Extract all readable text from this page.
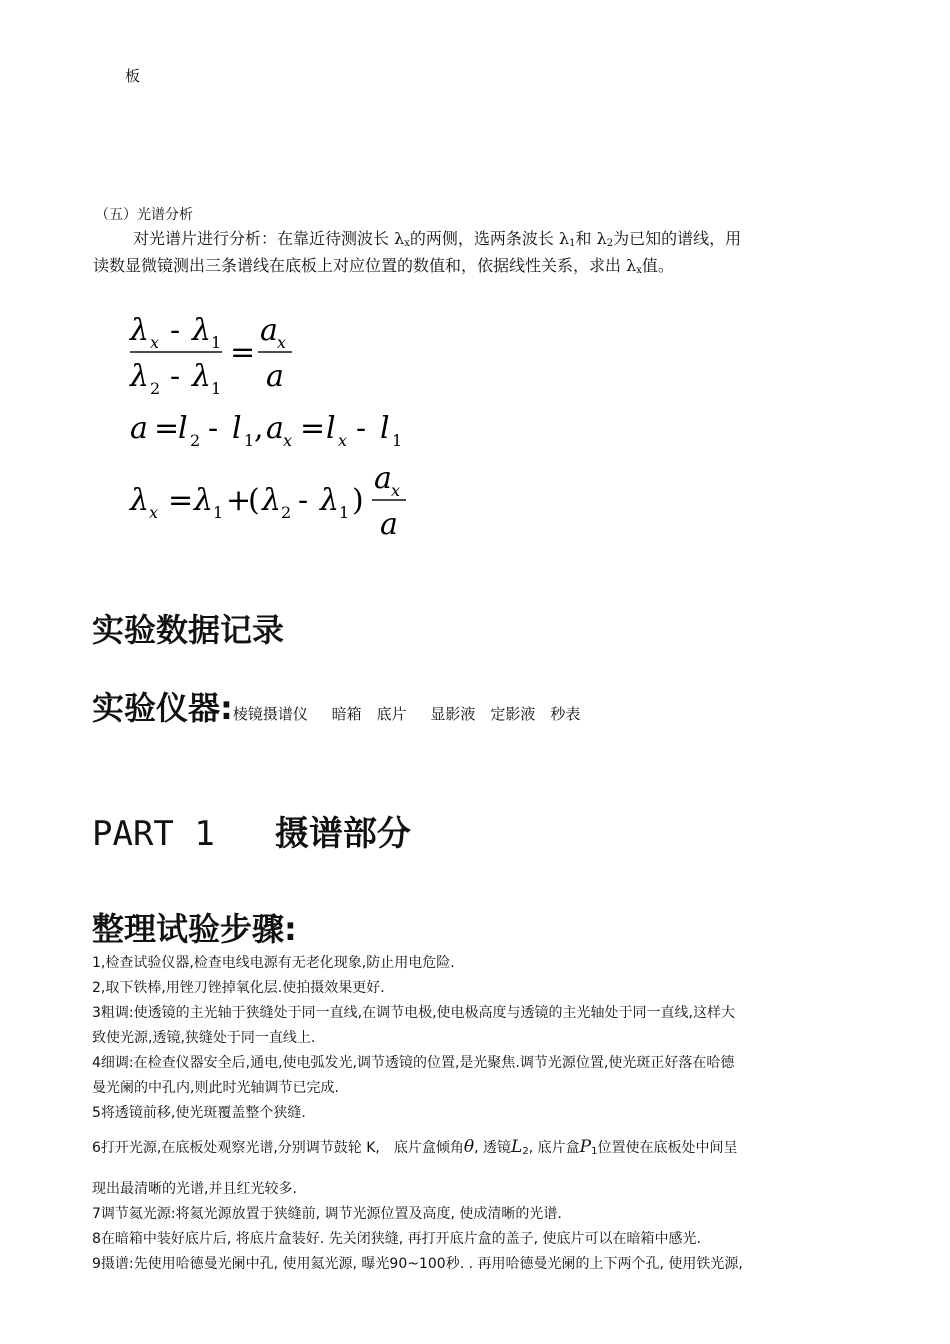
板
（五）光谱分析
对光谱片进行分析：在靠近待测波长 $\lambda_x$的两侧，选两条波长 $\lambda_1$和 $\lambda_2$为已知的谱线，用
读数显微镜测出三条谱线在底板上对应位置的数值和，依据线性关系，求出 $\lambda_x$值。
λ x - λ 1
λ 2 - λ 1
=
a x
a
a =
l 2 - l 1 , a x = l x - l 1
λ x = λ 1 +
( λ 2 - λ 1 )
a x
a
实验数据记录
实验仪器:棱镜摄谱仪　 暗箱　底片　 显影液　定影液　秒表
PART 1 摄谱部分
整理试验步骤:
1,检查试验仪器,检查电线电源有无老化现象,防止用电危险.
2,取下铁棒,用锉刀锉掉氧化层.使拍摄效果更好.
3粗调:使透镜的主光轴于狭缝处于同一直线,在调节电极,使电极高度与透镜的主光轴处于同一直线,这样大
致使光源,透镜,狭缝处于同一直线上.
4细调:在检查仪器安全后,通电,使电弧发光,调节透镜的位置,是光聚焦.调节光源位置,使光斑正好落在哈德
曼光阑的中孔内,则此时光轴调节已完成.
5将透镜前移,使光斑覆盖整个狭缝.
6打开光源,在底板处观察光谱,分别调节鼓轮 K,　底片盒倾角θ, 透镜$L_2$, 底片盒$P_1$位置使在底板处中间呈
现出最清晰的光谱,并且红光较多.
7调节氦光源:将氦光源放置于狭缝前, 调节光源位置及高度, 使成清晰的光谱.
8在暗箱中装好底片后, 将底片盒装好. 先关闭狭缝, 再打开底片盒的盖子, 使底片可以在暗箱中感光.
9摄谱:先使用哈德曼光阑中孔, 使用氦光源, 曝光90~100秒. . 再用哈德曼光阑的上下两个孔, 使用铁光源,
